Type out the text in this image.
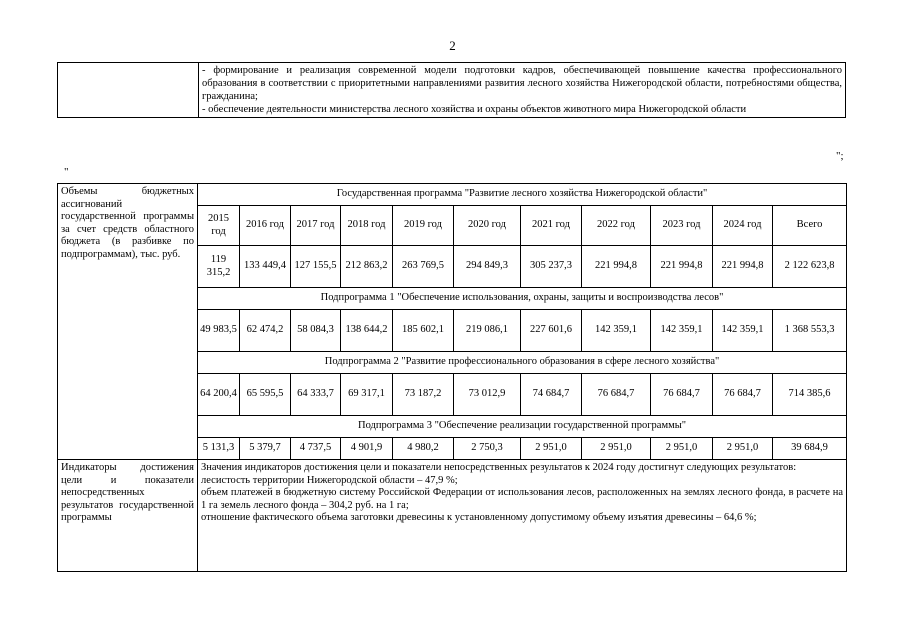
2

- формирование и реализация современной модели подготовки кадров, обеспечивающей повышение качества профессионального образования в соответствии с приоритетными направлениями развития лесного хозяйства Нижегородской области, потребностями общества, гражданина;

- обеспечение деятельности министерства лесного хозяйства и охраны объектов животного мира Нижегородской области

";
"
Объемы бюджетных ассигнований государственной программы за счет средств областного бюджета (в разбивке по подпрограммам), тыс. руб.	Государственная программа "Развитие лесного хозяйства Нижегородской области"										
	2015 год	2016 год	2017 год	2018 год	2019 год	2020 год	2021 год	2022 год	2023 год	2024 год	Всего
	119 315,2	133 449,4	127 155,5	212 863,2	263 769,5	294 849,3	305 237,3	221 994,8	221 994,8	221 994,8	2 122 623,8
	Подпрограмма 1 "Обеспечение использования, охраны, защиты и воспроизводства лесов"										
	49 983,5	62 474,2	58 084,3	138 644,2	185 602,1	219 086,1	227 601,6	142 359,1	142 359,1	142 359,1	1 368 553,3
	Подпрограмма 2 "Развитие профессионального образования в сфере лесного хозяйства"										
	64 200,4	65 595,5	64 333,7	69 317,1	73 187,2	73 012,9	74 684,7	76 684,7	76 684,7	76 684,7	714 385,6
	Подпрограмма 3 "Обеспечение реализации государственной программы"										
	5 131,3	5 379,7	4 737,5	4 901,9	4 980,2	2 750,3	2 951,0	2 951,0	2 951,0	2 951,0	39 684,9
Индикаторы достижения цели и показатели непосредственных результатов государственной программы	Значения индикаторов достижения цели и показатели непосредственных результатов к 2024 году достигнут следующих результатов:

лесистость территории Нижегородской области – 47,9 %;

объем платежей в бюджетную систему Российской Федерации от использования лесов, расположенных на землях лесного фонда, в расчете на 1 га земель лесного фонда – 304,2 руб. на 1 га;

отношение фактического объема заготовки древесины к установленному допустимому объему изъятия древесины – 64,6 %;										
